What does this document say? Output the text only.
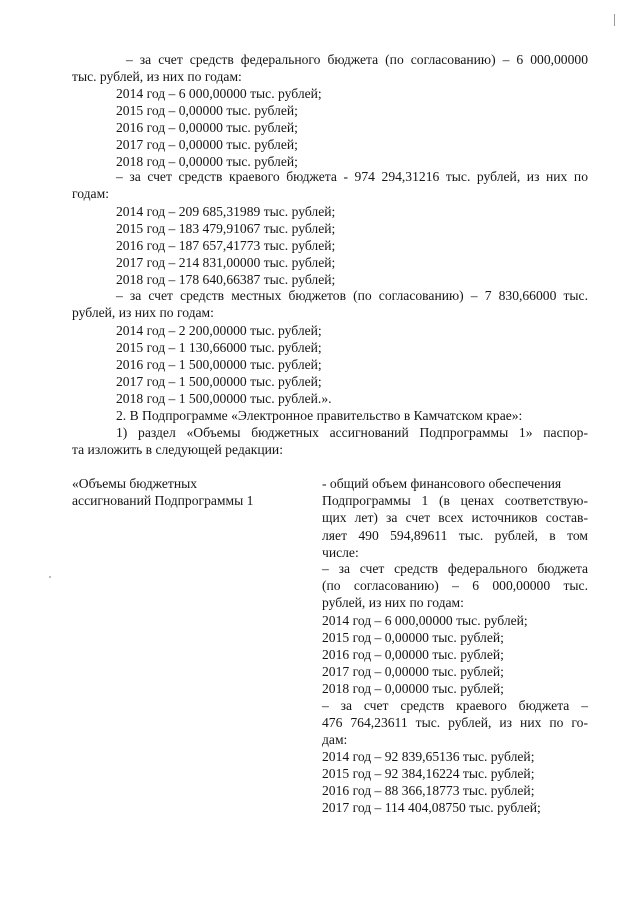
– за счет средств федерального бюджета (по согласованию) – 6 000,00000
тыс. рублей, из них по годам:
2014 год – 6 000,00000 тыс. рублей;
2015 год – 0,00000 тыс. рублей;
2016 год – 0,00000 тыс. рублей;
2017 год – 0,00000 тыс. рублей;
2018 год – 0,00000 тыс. рублей;
– за счет средств краевого бюджета - 974 294,31216 тыс. рублей, из них по
годам:
2014 год – 209 685,31989 тыс. рублей;
2015 год – 183 479,91067 тыс. рублей;
2016 год – 187 657,41773 тыс. рублей;
2017 год – 214 831,00000 тыс. рублей;
2018 год – 178 640,66387 тыс. рублей;
– за счет средств местных бюджетов (по согласованию) – 7 830,66000 тыс.
рублей, из них по годам:
2014 год – 2 200,00000 тыс. рублей;
2015 год – 1 130,66000 тыс. рублей;
2016 год – 1 500,00000 тыс. рублей;
2017 год – 1 500,00000 тыс. рублей;
2018 год – 1 500,00000 тыс. рублей.».
2. В Подпрограмме «Электронное правительство в Камчатском крае»:
1) раздел «Объемы бюджетных ассигнований Подпрограммы 1» паспор-
та изложить в следующей редакции:
«Объемы бюджетных
ассигнований Подпрограммы 1
- общий объем финансового обеспечения
Подпрограммы 1 (в ценах соответствую-
щих лет) за счет всех источников состав-
ляет 490 594,89611 тыс. рублей, в том
числе:
– за счет средств федерального бюджета
(по согласованию) – 6 000,00000 тыс.
рублей, из них по годам:
2014 год – 6 000,00000 тыс. рублей;
2015 год – 0,00000 тыс. рублей;
2016 год – 0,00000 тыс. рублей;
2017 год – 0,00000 тыс. рублей;
2018 год – 0,00000 тыс. рублей;
– за счет средств краевого бюджета –
476 764,23611 тыс. рублей, из них по го-
дам:
2014 год – 92 839,65136 тыс. рублей;
2015 год – 92 384,16224 тыс. рублей;
2016 год – 88 366,18773 тыс. рублей;
2017 год – 114 404,08750 тыс. рублей;
